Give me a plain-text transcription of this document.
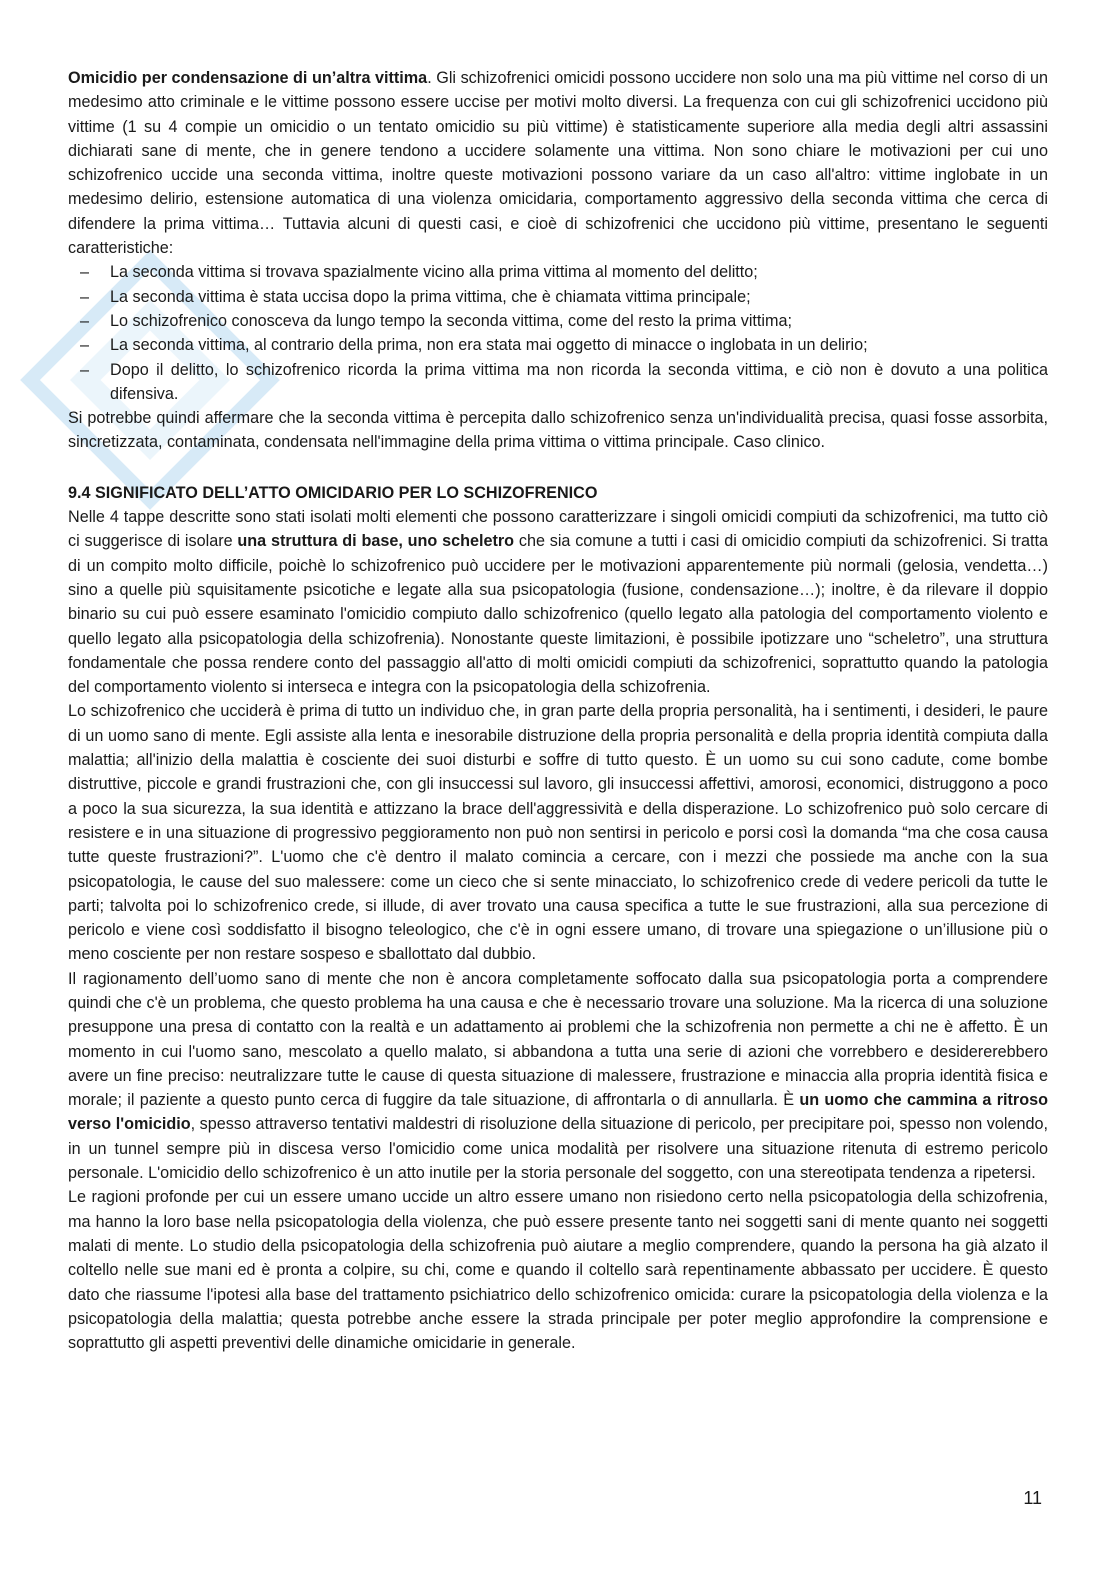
Omicidio per condensazione di un’altra vittima. Gli schizofrenici omicidi possono uccidere non solo una ma più vittime nel corso di un medesimo atto criminale e le vittime possono essere uccise per motivi molto diversi. La frequenza con cui gli schizofrenici uccidono più vittime (1 su 4 compie un omicidio o un tentato omicidio su più vittime) è statisticamente superiore alla media degli altri assassini dichiarati sane di mente, che in genere tendono a uccidere solamente una vittima. Non sono chiare le motivazioni per cui uno schizofrenico uccide una seconda vittima, inoltre queste motivazioni possono variare da un caso all'altro: vittime inglobate in un medesimo delirio, estensione automatica di una violenza omicidaria, comportamento aggressivo della seconda vittima che cerca di difendere la prima vittima… Tuttavia alcuni di questi casi, e cioè di schizofrenici che uccidono più vittime, presentano le seguenti caratteristiche:

– La seconda vittima si trovava spazialmente vicino alla prima vittima al momento del delitto;
– La seconda vittima è stata uccisa dopo la prima vittima, che è chiamata vittima principale;
– Lo schizofrenico conosceva da lungo tempo la seconda vittima, come del resto la prima vittima;
– La seconda vittima, al contrario della prima, non era stata mai oggetto di minacce o inglobata in un delirio;
– Dopo il delitto, lo schizofrenico ricorda la prima vittima ma non ricorda la seconda vittima, e ciò non è dovuto a una politica difensiva.

Si potrebbe quindi affermare che la seconda vittima è percepita dallo schizofrenico senza un'individualità precisa, quasi fosse assorbita, sincretizzata, contaminata, condensata nell'immagine della prima vittima o vittima principale. Caso clinico.

9.4 SIGNIFICATO DELL’ATTO OMICIDARIO PER LO SCHIZOFRENICO

Nelle 4 tappe descritte sono stati isolati molti elementi che possono caratterizzare i singoli omicidi compiuti da schizofrenici, ma tutto ciò ci suggerisce di isolare una struttura di base, uno scheletro che sia comune a tutti i casi di omicidio compiuti da schizofrenici. Si tratta di un compito molto difficile, poichè lo schizofrenico può uccidere per le motivazioni apparentemente più normali (gelosia, vendetta…) sino a quelle più squisitamente psicotiche e legate alla sua psicopatologia (fusione, condensazione…); inoltre, è da rilevare il doppio binario su cui può essere esaminato l'omicidio compiuto dallo schizofrenico (quello legato alla patologia del comportamento violento e quello legato alla psicopatologia della schizofrenia). Nonostante queste limitazioni, è possibile ipotizzare uno “scheletro”, una struttura fondamentale che possa rendere conto del passaggio all'atto di molti omicidi compiuti da schizofrenici, soprattutto quando la patologia del comportamento violento si interseca e integra con la psicopatologia della schizofrenia.

Lo schizofrenico che ucciderà è prima di tutto un individuo che, in gran parte della propria personalità, ha i sentimenti, i desideri, le paure di un uomo sano di mente. Egli assiste alla lenta e inesorabile distruzione della propria personalità e della propria identità compiuta dalla malattia; all'inizio della malattia è cosciente dei suoi disturbi e soffre di tutto questo. È un uomo su cui sono cadute, come bombe distruttive, piccole e grandi frustrazioni che, con gli insuccessi sul lavoro, gli insuccessi affettivi, amorosi, economici, distruggono a poco a poco la sua sicurezza, la sua identità e attizzano la brace dell'aggressività e della disperazione. Lo schizofrenico può solo cercare di resistere e in una situazione di progressivo peggioramento non può non sentirsi in pericolo e porsi così la domanda “ma che cosa causa tutte queste frustrazioni?”. L'uomo che c'è dentro il malato comincia a cercare, con i mezzi che possiede ma anche con la sua psicopatologia, le cause del suo malessere: come un cieco che si sente minacciato, lo schizofrenico crede di vedere pericoli da tutte le parti; talvolta poi lo schizofrenico crede, si illude, di aver trovato una causa specifica a tutte le sue frustrazioni, alla sua percezione di pericolo e viene così soddisfatto il bisogno teleologico, che c'è in ogni essere umano, di trovare una spiegazione o un’illusione più o meno cosciente per non restare sospeso e sballottato dal dubbio.

Il ragionamento dell’uomo sano di mente che non è ancora completamente soffocato dalla sua psicopatologia porta a comprendere quindi che c'è un problema, che questo problema ha una causa e che è necessario trovare una soluzione. Ma la ricerca di una soluzione presuppone una presa di contatto con la realtà e un adattamento ai problemi che la schizofrenia non permette a chi ne è affetto. È un momento in cui l'uomo sano, mescolato a quello malato, si abbandona a tutta una serie di azioni che vorrebbero e desidererebbero avere un fine preciso: neutralizzare tutte le cause di questa situazione di malessere, frustrazione e minaccia alla propria identità fisica e morale; il paziente a questo punto cerca di fuggire da tale situazione, di affrontarla o di annullarla. È un uomo che cammina a ritroso verso l'omicidio, spesso attraverso tentativi maldestri di risoluzione della situazione di pericolo, per precipitare poi, spesso non volendo, in un tunnel sempre più in discesa verso l'omicidio come unica modalità per risolvere una situazione ritenuta di estremo pericolo personale. L'omicidio dello schizofrenico è un atto inutile per la storia personale del soggetto, con una stereotipata tendenza a ripetersi.

Le ragioni profonde per cui un essere umano uccide un altro essere umano non risiedono certo nella psicopatologia della schizofrenia, ma hanno la loro base nella psicopatologia della violenza, che può essere presente tanto nei soggetti sani di mente quanto nei soggetti malati di mente. Lo studio della psicopatologia della schizofrenia può aiutare a meglio comprendere, quando la persona ha già alzato il coltello nelle sue mani ed è pronta a colpire, su chi, come e quando il coltello sarà repentinamente abbassato per uccidere. È questo dato che riassume l'ipotesi alla base del trattamento psichiatrico dello schizofrenico omicida: curare la psicopatologia della violenza e la psicopatologia della malattia; questa potrebbe anche essere la strada principale per poter meglio approfondire la comprensione e soprattutto gli aspetti preventivi delle dinamiche omicidarie in generale.

11
